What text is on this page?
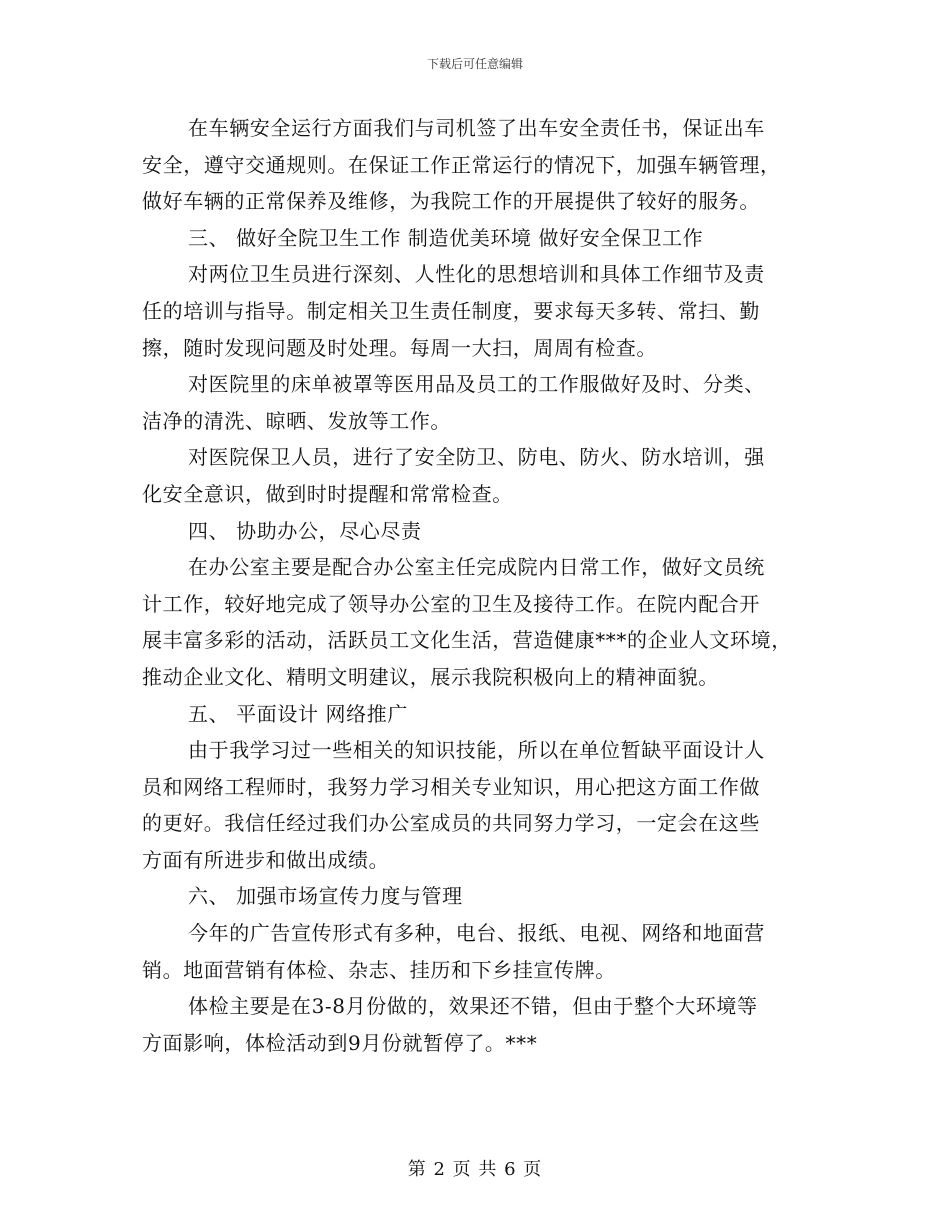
下载后可任意编辑
在车辆安全运行方面我们与司机签了出车安全责任书，保证出车
安全，遵守交通规则。在保证工作正常运行的情况下，加强车辆管理，
做好车辆的正常保养及维修，为我院工作的开展提供了较好的服务。
三、 做好全院卫生工作 制造优美环境 做好安全保卫工作
对两位卫生员进行深刻、人性化的思想培训和具体工作细节及责
任的培训与指导。制定相关卫生责任制度，要求每天多转、常扫、勤
擦，随时发现问题及时处理。每周一大扫，周周有检查。
对医院里的床单被罩等医用品及员工的工作服做好及时、分类、
洁净的清洗、晾晒、发放等工作。
对医院保卫人员，进行了安全防卫、防电、防火、防水培训，强
化安全意识，做到时时提醒和常常检查。
四、 协助办公，尽心尽责
在办公室主要是配合办公室主任完成院内日常工作，做好文员统
计工作，较好地完成了领导办公室的卫生及接待工作。在院内配合开
展丰富多彩的活动，活跃员工文化生活，营造健康***的企业人文环境，
推动企业文化、精明文明建议，展示我院积极向上的精神面貌。
五、 平面设计 网络推广
由于我学习过一些相关的知识技能，所以在单位暂缺平面设计人
员和网络工程师时，我努力学习相关专业知识，用心把这方面工作做
的更好。我信任经过我们办公室成员的共同努力学习，一定会在这些
方面有所进步和做出成绩。
六、 加强市场宣传力度与管理
今年的广告宣传形式有多种，电台、报纸、电视、网络和地面营
销。地面营销有体检、杂志、挂历和下乡挂宣传牌。
体检主要是在3-8月份做的，效果还不错，但由于整个大环境等
方面影响，体检活动到9月份就暂停了。***
第 2 页 共 6 页
